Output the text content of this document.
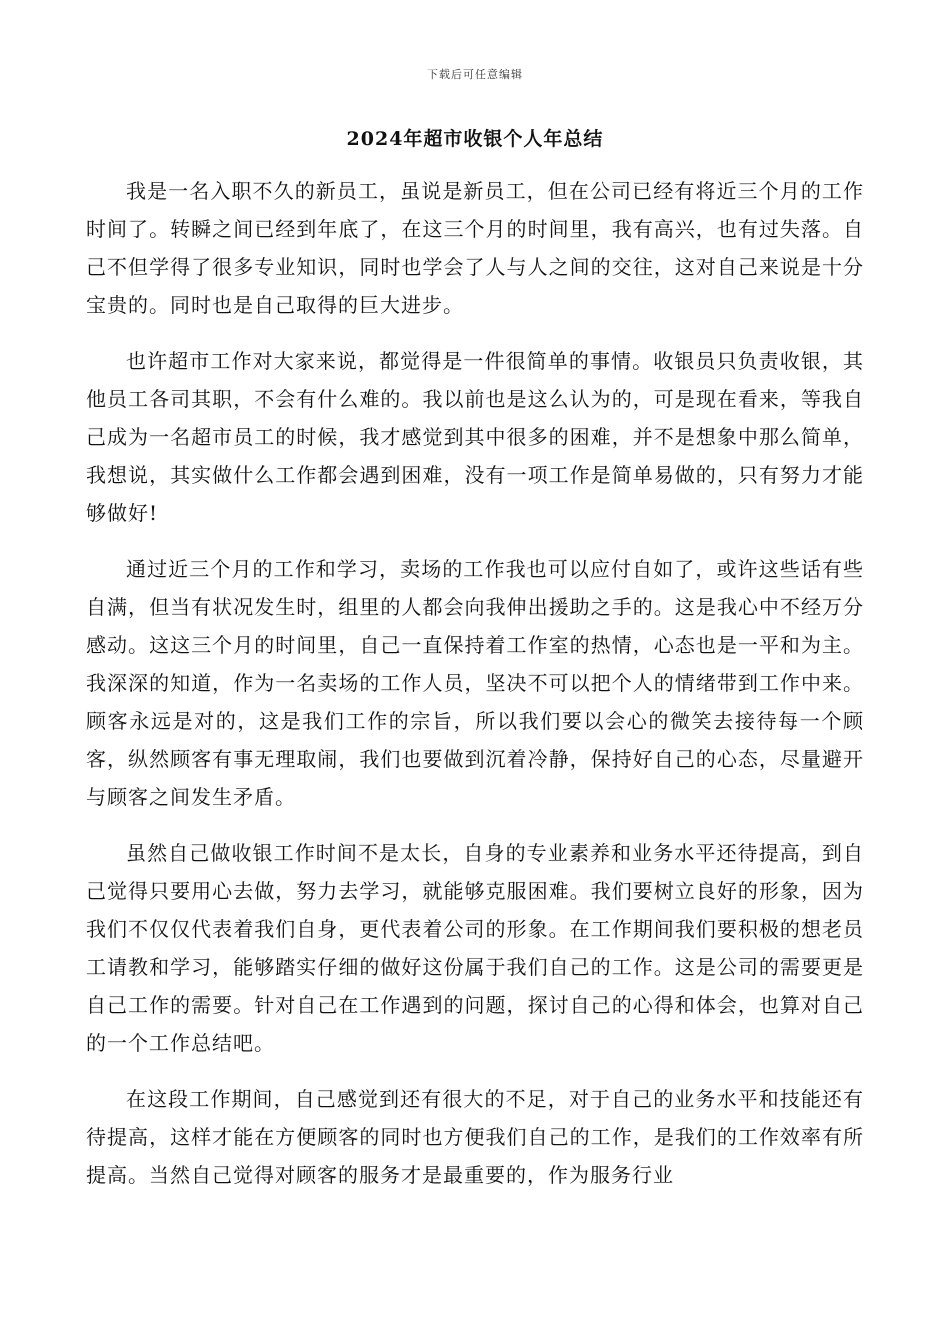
下载后可任意编辑
2024年超市收银个人年总结

我是一名入职不久的新员工，虽说是新员工，但在公司已经有将近三个月的工作时间了。转瞬之间已经到年底了，在这三个月的时间里，我有高兴，也有过失落。自己不但学得了很多专业知识，同时也学会了人与人之间的交往，这对自己来说是十分宝贵的。同时也是自己取得的巨大进步。

也许超市工作对大家来说，都觉得是一件很简单的事情。收银员只负责收银，其他员工各司其职，不会有什么难的。我以前也是这么认为的，可是现在看来，等我自己成为一名超市员工的时候，我才感觉到其中很多的困难，并不是想象中那么简单，我想说，其实做什么工作都会遇到困难，没有一项工作是简单易做的，只有努力才能够做好!

通过近三个月的工作和学习，卖场的工作我也可以应付自如了，或许这些话有些自满，但当有状况发生时，组里的人都会向我伸出援助之手的。这是我心中不经万分感动。这这三个月的时间里，自己一直保持着工作室的热情，心态也是一平和为主。我深深的知道，作为一名卖场的工作人员，坚决不可以把个人的情绪带到工作中来。顾客永远是对的，这是我们工作的宗旨，所以我们要以会心的微笑去接待每一个顾客，纵然顾客有事无理取闹，我们也要做到沉着冷静，保持好自己的心态，尽量避开与顾客之间发生矛盾。

虽然自己做收银工作时间不是太长，自身的专业素养和业务水平还待提高，到自己觉得只要用心去做，努力去学习，就能够克服困难。我们要树立良好的形象，因为我们不仅仅代表着我们自身，更代表着公司的形象。在工作期间我们要积极的想老员工请教和学习，能够踏实仔细的做好这份属于我们自己的工作。这是公司的需要更是自己工作的需要。针对自己在工作遇到的问题，探讨自己的心得和体会，也算对自己的一个工作总结吧。

在这段工作期间，自己感觉到还有很大的不足，对于自己的业务水平和技能还有待提高，这样才能在方便顾客的同时也方便我们自己的工作，是我们的工作效率有所提高。当然自己觉得对顾客的服务才是最重要的，作为服务行业
